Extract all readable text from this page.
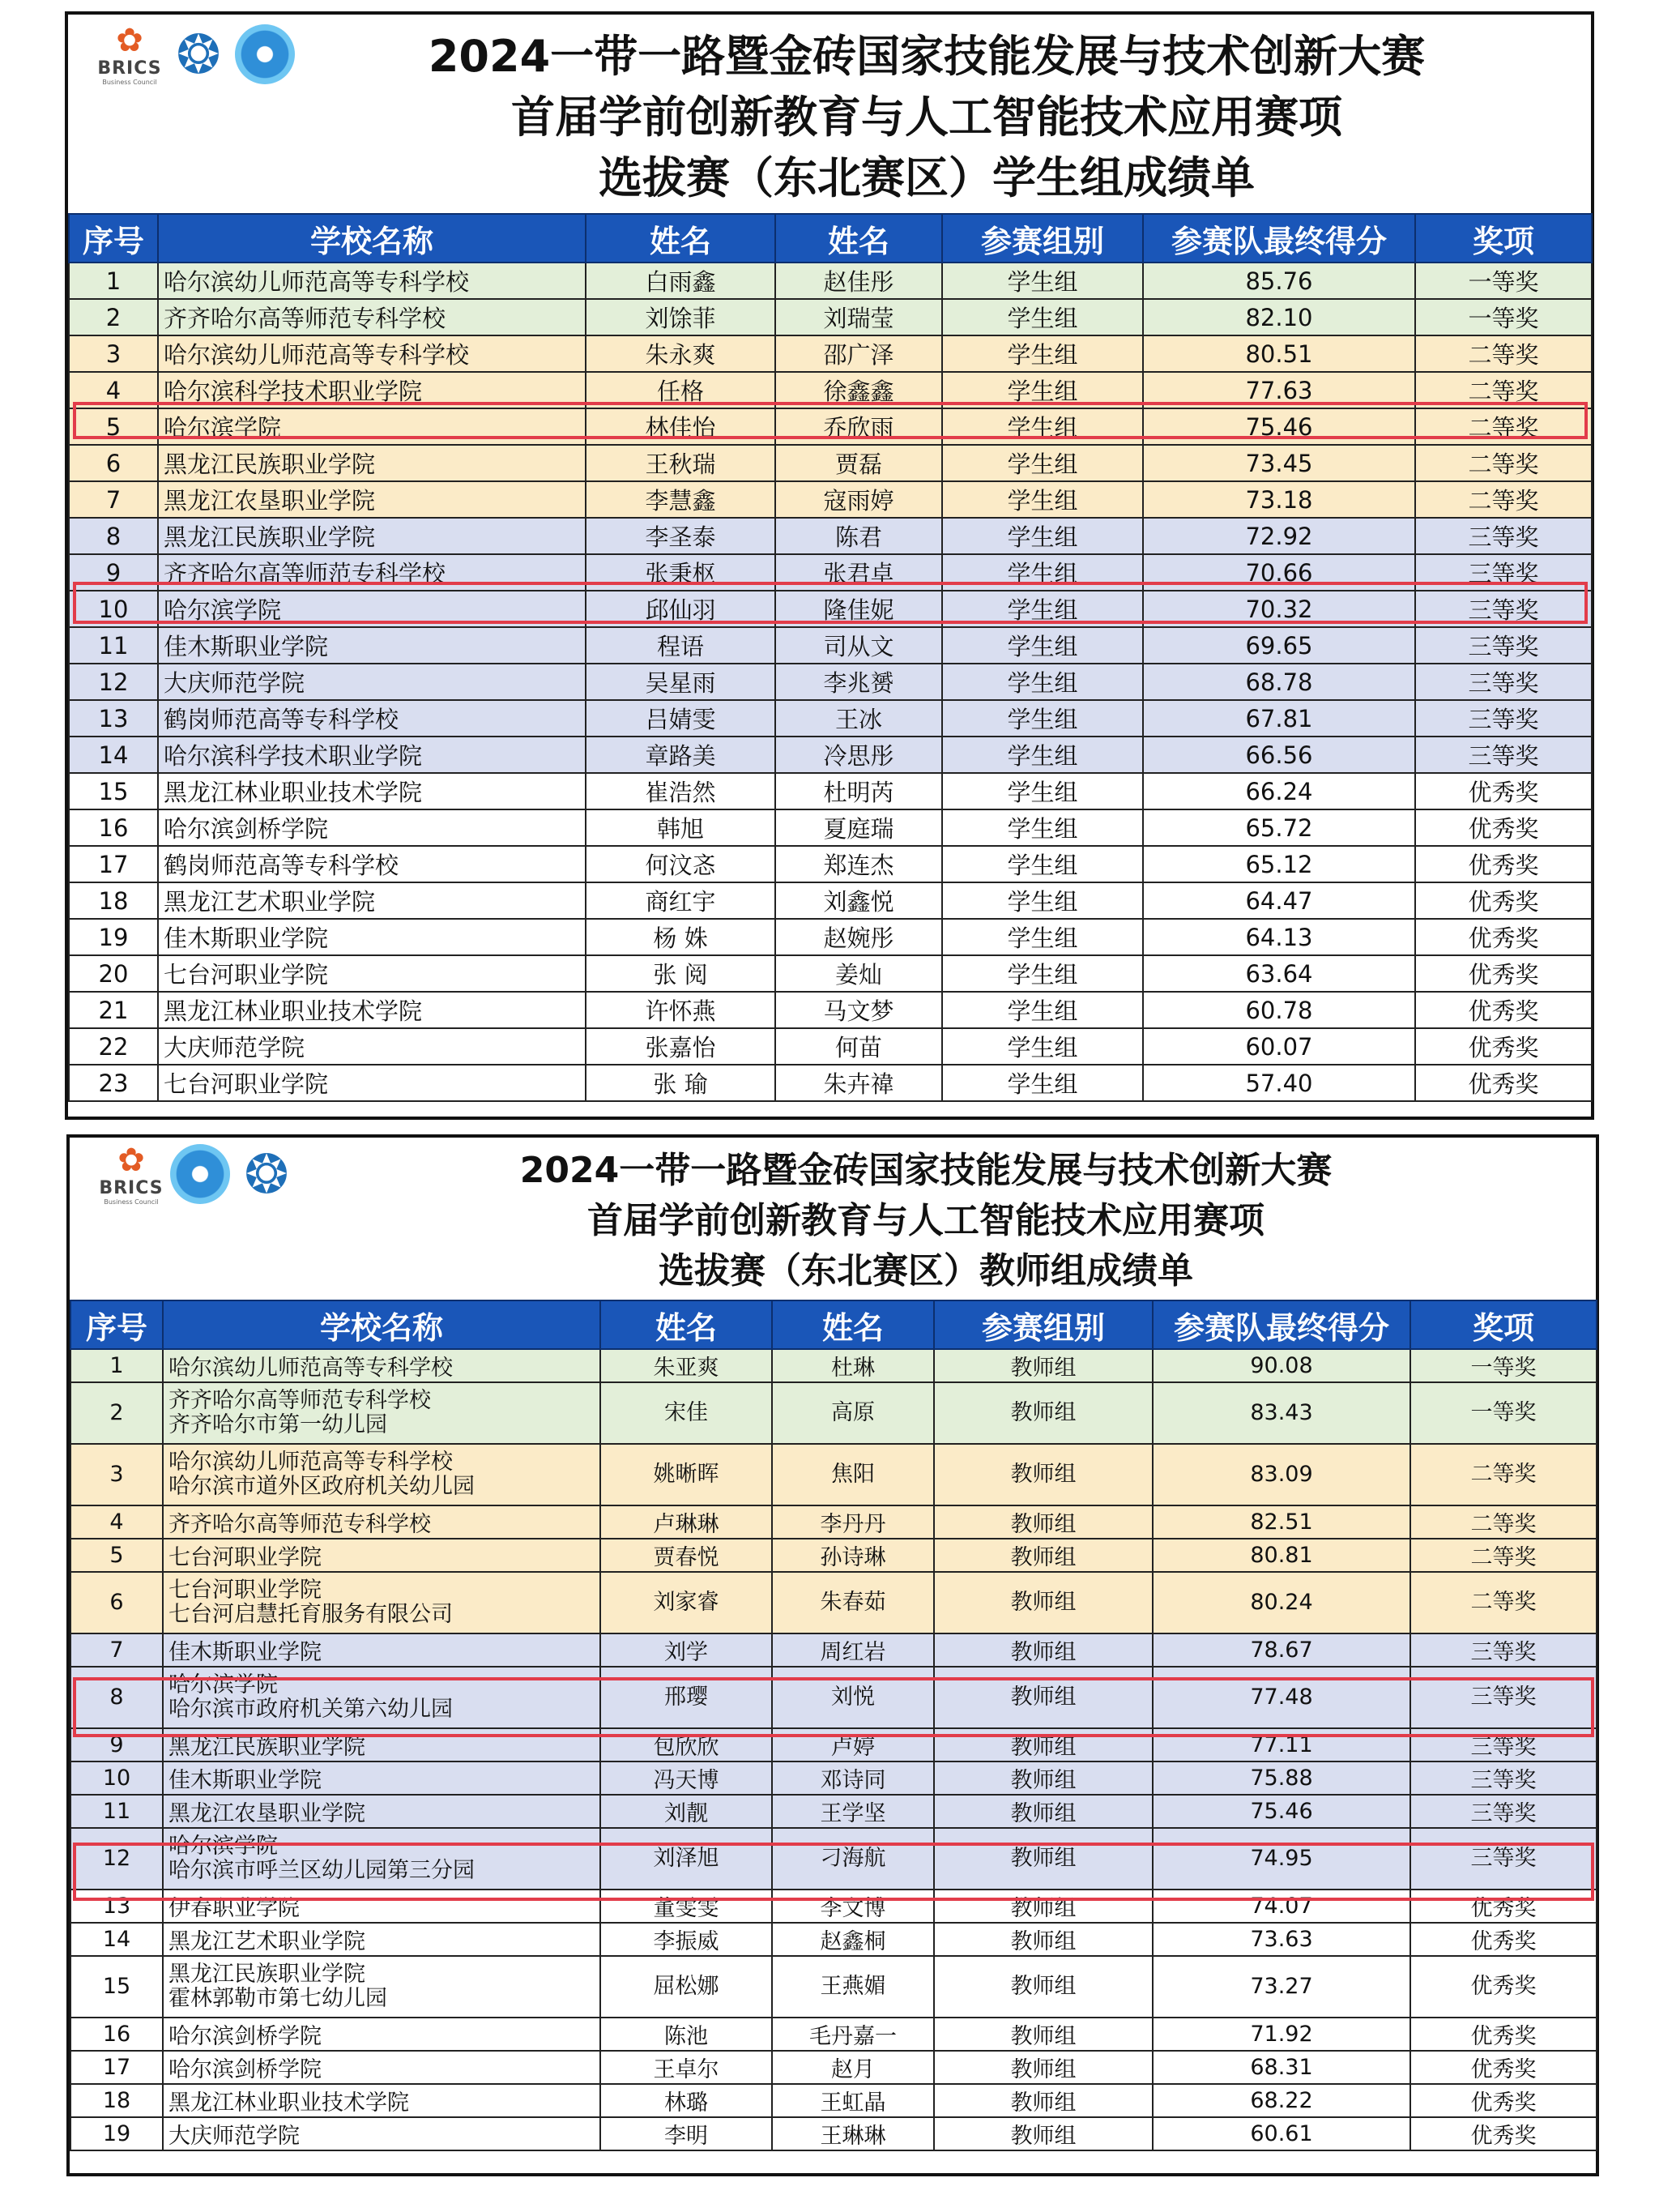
✿
BRICS
Business Council ❂	2024一带一路暨金砖国家技能发展与技术创新大赛
首届学前创新教育与人工智能技术应用赛项
选拔赛（东北赛区）学生组成绩单
序号	学校名称	姓名	姓名	参赛组别	参赛队最终得分	奖项
1	哈尔滨幼儿师范高等专科学校	白雨鑫	赵佳彤	学生组	85.76	一等奖
2	齐齐哈尔高等师范专科学校	刘馀菲	刘瑞莹	学生组	82.10	一等奖
3	哈尔滨幼儿师范高等专科学校	朱永爽	邵广泽	学生组	80.51	二等奖
4	哈尔滨科学技术职业学院	任格	徐鑫鑫	学生组	77.63	二等奖
5	哈尔滨学院	林佳怡	乔欣雨	学生组	75.46	二等奖
6	黑龙江民族职业学院	王秋瑞	贾磊	学生组	73.45	二等奖
7	黑龙江农垦职业学院	李慧鑫	寇雨婷	学生组	73.18	二等奖
8	黑龙江民族职业学院	李圣泰	陈君	学生组	72.92	三等奖
9	齐齐哈尔高等师范专科学校	张秉枢	张君卓	学生组	70.66	三等奖
10	哈尔滨学院	邱仙羽	隆佳妮	学生组	70.32	三等奖
11	佳木斯职业学院	程语	司从文	学生组	69.65	三等奖
12	大庆师范学院	吴星雨	李兆赟	学生组	68.78	三等奖
13	鹤岗师范高等专科学校	吕婧雯	王冰	学生组	67.81	三等奖
14	哈尔滨科学技术职业学院	章路美	冷思彤	学生组	66.56	三等奖
15	黑龙江林业职业技术学院	崔浩然	杜明芮	学生组	66.24	优秀奖
16	哈尔滨剑桥学院	韩旭	夏庭瑞	学生组	65.72	优秀奖
17	鹤岗师范高等专科学校	何汶忞	郑连杰	学生组	65.12	优秀奖
18	黑龙江艺术职业学院	商红宇	刘鑫悦	学生组	64.47	优秀奖
19	佳木斯职业学院	杨 姝	赵婉彤	学生组	64.13	优秀奖
20	七台河职业学院	张 阅	姜灿	学生组	63.64	优秀奖
21	黑龙江林业职业技术学院	许怀燕	马文梦	学生组	60.78	优秀奖
22	大庆师范学院	张嘉怡	何苗	学生组	60.07	优秀奖
23	七台河职业学院	张 瑜	朱卉禕	学生组	57.40	优秀奖
✿
BRICS
Business Council ❂	2024一带一路暨金砖国家技能发展与技术创新大赛
首届学前创新教育与人工智能技术应用赛项
选拔赛（东北赛区）教师组成绩单
序号	学校名称	姓名	姓名	参赛组别	参赛队最终得分	奖项
1	哈尔滨幼儿师范高等专科学校	朱亚爽	杜琳	教师组	90.08	一等奖
2	齐齐哈尔高等师范专科学校
齐齐哈尔市第一幼儿园	宋佳	高原	教师组	83.43	一等奖
3	哈尔滨幼儿师范高等专科学校
哈尔滨市道外区政府机关幼儿园	姚晰晖	焦阳	教师组	83.09	二等奖
4	齐齐哈尔高等师范专科学校	卢琳琳	李丹丹	教师组	82.51	二等奖
5	七台河职业学院	贾春悦	孙诗琳	教师组	80.81	二等奖
6	七台河职业学院
七台河启慧托育服务有限公司	刘家睿	朱春茹	教师组	80.24	二等奖
7	佳木斯职业学院	刘学	周红岩	教师组	78.67	三等奖
8	哈尔滨学院
哈尔滨市政府机关第六幼儿园	邢璎	刘悦	教师组	77.48	三等奖
9	黑龙江民族职业学院	包欣欣	卢婷	教师组	77.11	三等奖
10	佳木斯职业学院	冯天博	邓诗同	教师组	75.88	三等奖
11	黑龙江农垦职业学院	刘靓	王学坚	教师组	75.46	三等奖
12	哈尔滨学院
哈尔滨市呼兰区幼儿园第三分园	刘泽旭	刁海航	教师组	74.95	三等奖
13	伊春职业学院	董雯雯	李文博	教师组	74.07	优秀奖
14	黑龙江艺术职业学院	李振威	赵鑫桐	教师组	73.63	优秀奖
15	黑龙江民族职业学院
霍林郭勒市第七幼儿园	屈松娜	王燕媚	教师组	73.27	优秀奖
16	哈尔滨剑桥学院	陈池	毛丹嘉一	教师组	71.92	优秀奖
17	哈尔滨剑桥学院	王卓尔	赵月	教师组	68.31	优秀奖
18	黑龙江林业职业技术学院	林璐	王虹晶	教师组	68.22	优秀奖
19	大庆师范学院	李明	王琳琳	教师组	60.61	优秀奖
